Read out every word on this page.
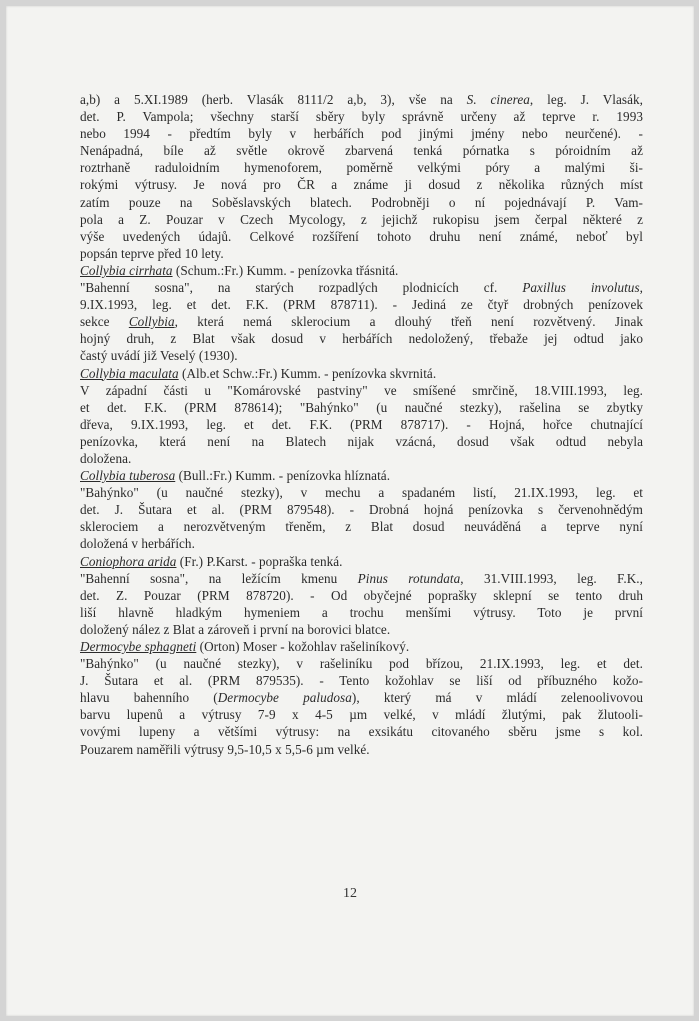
a,b) a 5.XI.1989 (herb. Vlasák 8111/2 a,b, 3), vše na S. cinerea, leg. J. Vlasák,
det. P. Vampola; všechny starší sběry byly správně určeny až teprve r. 1993
nebo 1994 - předtím byly v herbářích pod jinými jmény nebo neurčené). -
Nenápadná, bíle až světle okrově zbarvená tenká pórnatka s póroidním až
roztrhaně raduloidním hymenoforem, poměrně velkými póry a malými ši-
rokými výtrusy. Je nová pro ČR a známe ji dosud z několika různých míst
zatím pouze na Soběslavských blatech. Podrobněji o ní pojednávají P. Vam-
pola a Z. Pouzar v Czech Mycology, z jejichž rukopisu jsem čerpal některé z
výše uvedených údajů. Celkové rozšíření tohoto druhu není známé, neboť byl
popsán teprve před 10 lety.
Collybia cirrhata (Schum.:Fr.) Kumm. - penízovka třásnitá.
"Bahenní sosna", na starých rozpadlých plodnicích cf. Paxillus involutus,
9.IX.1993, leg. et det. F.K. (PRM 878711). - Jediná ze čtyř drobných penízovek
sekce Collybia, která nemá sklerocium a dlouhý třeň není rozvětvený. Jinak
hojný druh, z Blat však dosud v herbářích nedoložený, třebaže jej odtud jako
častý uvádí již Veselý (1930).
Collybia maculata (Alb.et Schw.:Fr.) Kumm. - penízovka skvrnitá.
V západní části u "Komárovské pastviny" ve smíšené smrčině, 18.VIII.1993, leg.
et det. F.K. (PRM 878614); "Bahýnko" (u naučné stezky), rašelina se zbytky
dřeva, 9.IX.1993, leg. et det. F.K. (PRM 878717). - Hojná, hořce chutnající
penízovka, která není na Blatech nijak vzácná, dosud však odtud nebyla
doložena.
Collybia tuberosa (Bull.:Fr.) Kumm. - penízovka hlíznatá.
"Bahýnko" (u naučné stezky), v mechu a spadaném listí, 21.IX.1993, leg. et
det. J. Šutara et al. (PRM 879548). - Drobná hojná penízovka s červenohnědým
sklerociem a nerozvětveným třeněm, z Blat dosud neuváděná a teprve nyní
doložená v herbářích.
Coniophora arida (Fr.) P.Karst. - popraška tenká.
"Bahenní sosna", na ležícím kmenu Pinus rotundata, 31.VIII.1993, leg. F.K.,
det. Z. Pouzar (PRM 878720). - Od obyčejné poprašky sklepní se tento druh
liší hlavně hladkým hymeniem a trochu menšími výtrusy. Toto je první
doložený nález z Blat a zároveň i první na borovici blatce.
Dermocybe sphagneti (Orton) Moser - kožohlav rašeliníkový.
"Bahýnko" (u naučné stezky), v rašeliníku pod břízou, 21.IX.1993, leg. et det.
J. Šutara et al. (PRM 879535). - Tento kožohlav se liší od příbuzného kožo-
hlavu bahenního (Dermocybe paludosa), který má v mládí zelenoolivovou
barvu lupenů a výtrusy 7-9 x 4-5 µm velké, v mládí žlutými, pak žlutooli-
vovými lupeny a většími výtrusy: na exsikátu citovaného sběru jsme s kol.
Pouzarem naměřili výtrusy 9,5-10,5 x 5,5-6 µm velké.
12
